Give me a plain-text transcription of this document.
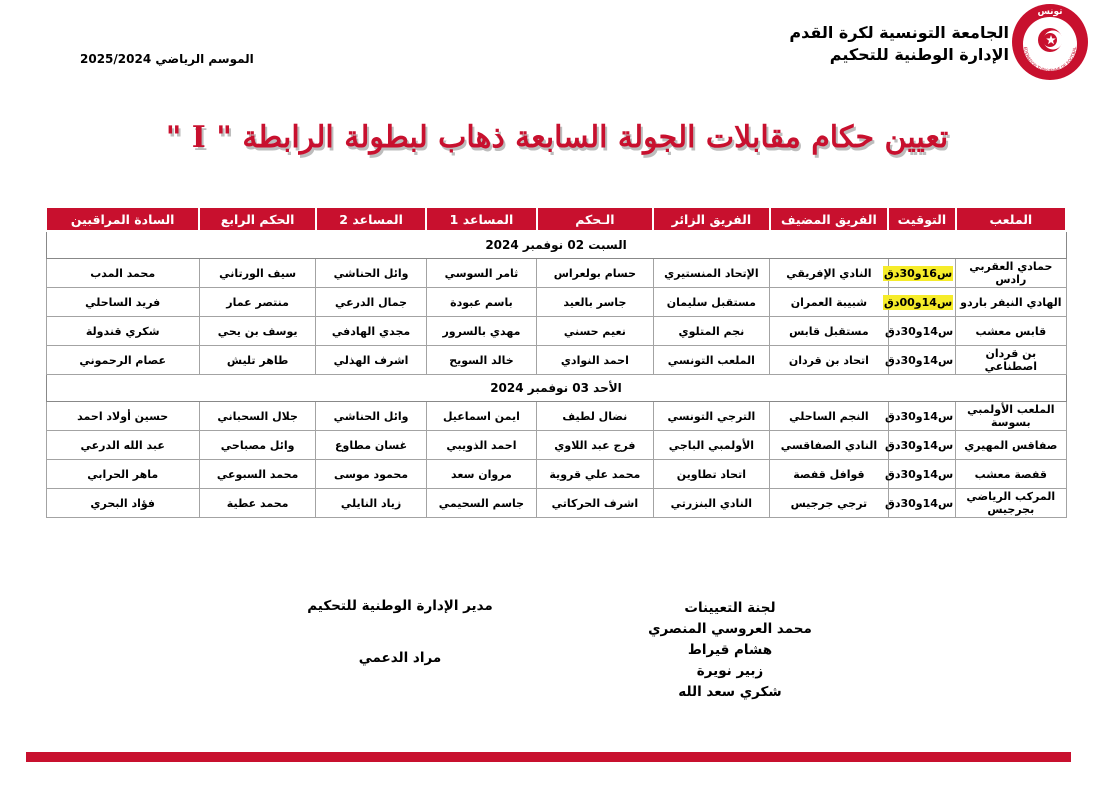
الجامعة التونسية لكرة القدم
الإدارة الوطنية للتحكيم
تونس
EDERATION TUNISIENNE DE FOOTBAL
الموسم الرياضي 2025/2024
تعيين حكام مقابلات الجولة السابعة ذهاب لبطولة الرابطة " I "
الملعب	التوقيت	الفريق المضيف	الفريق الزائر	الـحكم	المساعد 1	المساعد 2	الحكم الرابع	السادة المراقبين
السبت 02 نوفمبر 2024								
حمادي العقربي رادس	س16و30دق	النادي الإفريقي	الإتحاد المنستيري	حسام بولعراس	ثامر السوسي	وائل الحناشي	سيف الورتاني	محمد المدب
الهادي النيفر باردو	س14و00دق	شبيبة العمران	مستقبل سليمان	جاسر بالعيد	باسم عبودة	جمال الدرعي	منتصر عمار	فريد الساحلي
قابس معشب	س14و30دق	مستقبل قابس	نجم المتلوي	نعيم حسني	مهدي بالسرور	مجدي الهادفي	يوسف بن يحي	شكري قندولة
بن قردان اصطناعي	س14و30دق	اتحاد بن قردان	الملعب التونسي	احمد النوادي	خالد السويح	اشرف الهذلي	طاهر تليش	عصام الرحموني
الأحد 03 نوفمبر 2024								
الملعب الأولمبي بسوسة	س14و30دق	النجم الساحلي	الترجي التونسي	نضال لطيف	ايمن اسماعيل	وائل الحناشي	جلال السحباني	حسين أولاد احمد
صفاقس المهيري	س14و30دق	النادي الصفاقسي	الأولمبي الباجي	فرج عبد اللاوي	احمد الذويبي	غسان مطاوع	وائل مصباحي	عبد الله الدرعي
قفصة معشب	س14و30دق	قوافل قفصة	اتحاد تطاوين	محمد علي قروية	مروان سعد	محمود موسى	محمد السبوعي	ماهر الحرابي
المركب الرياضي بجرجيس	س14و30دق	ترجي جرجيس	النادي البنزرتي	اشرف الحركاتي	جاسم السحيمي	زياد النايلي	محمد عطية	فؤاد البحري
لجنة التعيينات
محمد العروسي المنصري
هشام قيراط
زبير نويرة
شكري سعد الله
مدير الإدارة الوطنية للتحكيم
مراد الدعمي
